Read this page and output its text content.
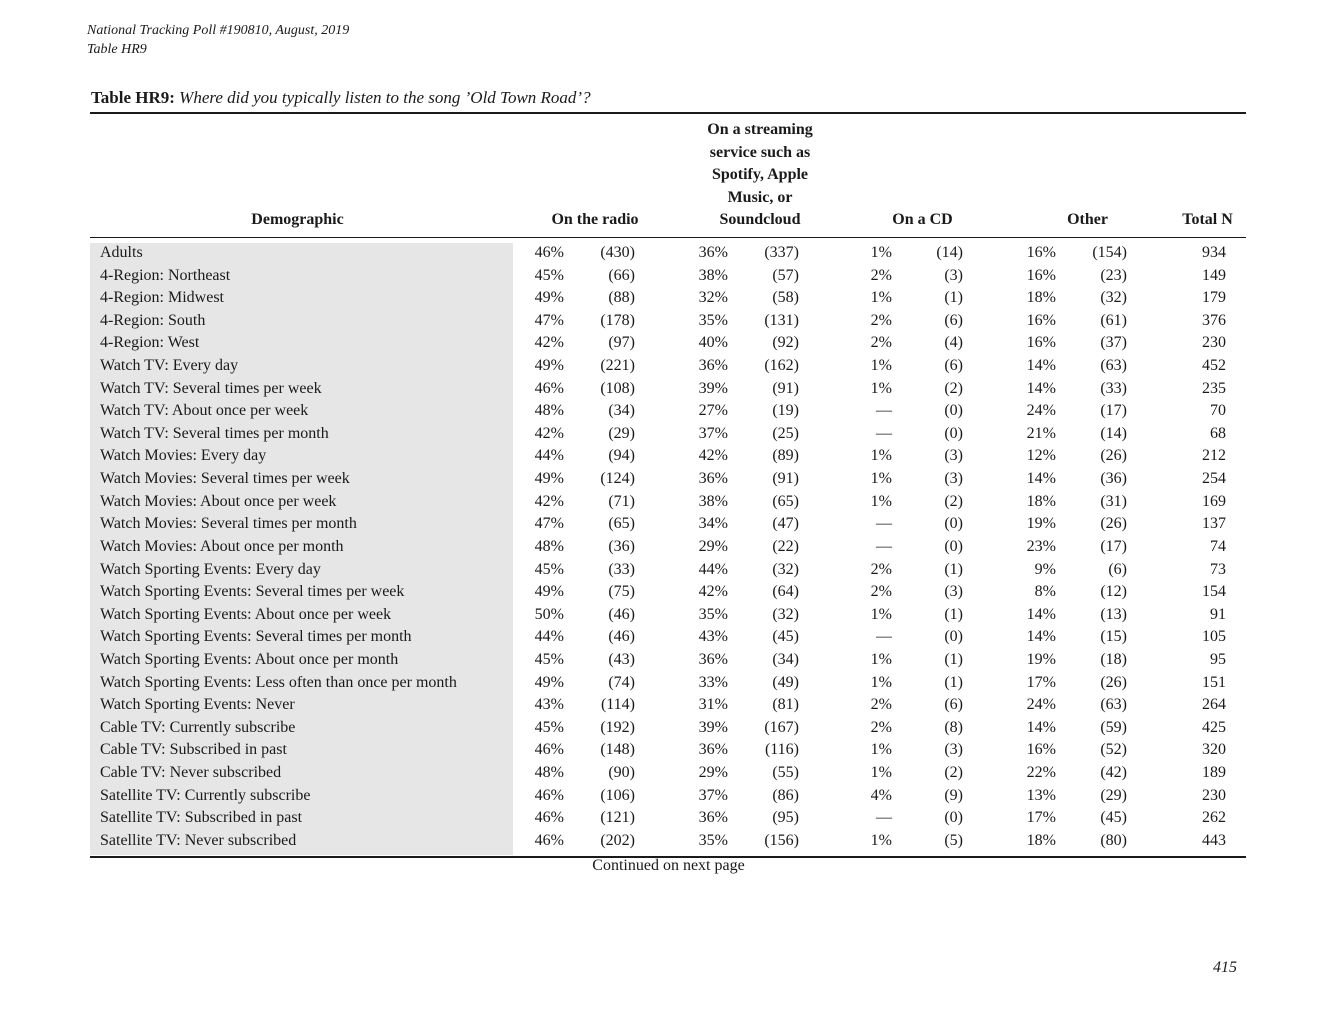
National Tracking Poll #190810, August, 2019
Table HR9
Table HR9: Where did you typically listen to the song ’Old Town Road’?
Demographic	On the radio
On a streaming
service such as
Spotify, Apple
Music, or
Soundcloud	On a CD	Other	Total N
Adults	46% (430)	36% (337)	1%	(14)	16% (154)	934
4-Region: Northeast	45%	(66)	38%	(57)	2%	(3)	16%	(23)	149
4-Region: Midwest	49%	(88)	32%	(58)	1%	(1)	18%	(32)	179
4-Region: South	47% (178)	35% (131)	2%	(6)	16%	(61)	376
4-Region: West	42%	(97)	40%	(92)	2%	(4)	16%	(37)	230
Watch TV: Every day	49% (221)	36% (162)	1%	(6)	14%	(63)	452
Watch TV: Several times per week	46% (108)	39%	(91)	1%	(2)	14%	(33)	235
Watch TV: About once per week	48%	(34)	27%	(19)	—	(0)	24%	(17)	70
Watch TV: Several times per month	42%	(29)	37%	(25)	—	(0)	21%	(14)	68
Watch Movies: Every day	44%	(94)	42%	(89)	1%	(3)	12%	(26)	212
Watch Movies: Several times per week	49% (124)	36%	(91)	1%	(3)	14%	(36)	254
Watch Movies: About once per week	42%	(71)	38%	(65)	1%	(2)	18%	(31)	169
Watch Movies: Several times per month	47%	(65)	34%	(47)	—	(0)	19%	(26)	137
Watch Movies: About once per month	48%	(36)	29%	(22)	—	(0)	23%	(17)	74
Watch Sporting Events: Every day	45%	(33)	44%	(32)	2%	(1)	9%	(6)	73
Watch Sporting Events: Several times per week	49%	(75)	42%	(64)	2%	(3)	8%	(12)	154
Watch Sporting Events: About once per week	50%	(46)	35%	(32)	1%	(1)	14%	(13)	91
Watch Sporting Events: Several times per month	44%	(46)	43%	(45)	—	(0)	14%	(15)	105
Watch Sporting Events: About once per month	45%	(43)	36%	(34)	1%	(1)	19%	(18)	95
Watch Sporting Events: Less often than once per month	49%	(74)	33%	(49)	1%	(1)	17%	(26)	151
Watch Sporting Events: Never	43% (114)	31%	(81)	2%	(6)	24%	(63)	264
Cable TV: Currently subscribe	45% (192)	39% (167)	2%	(8)	14%	(59)	425
Cable TV: Subscribed in past	46% (148)	36% (116)	1%	(3)	16%	(52)	320
Cable TV: Never subscribed	48%	(90)	29%	(55)	1%	(2)	22%	(42)	189
Satellite TV: Currently subscribe	46% (106)	37%	(86)	4%	(9)	13%	(29)	230
Satellite TV: Subscribed in past	46% (121)	36%	(95)	—	(0)	17%	(45)	262
Satellite TV: Never subscribed	46% (202)	35% (156)	1%	(5)	18%	(80)	443
Continued on next page
415
